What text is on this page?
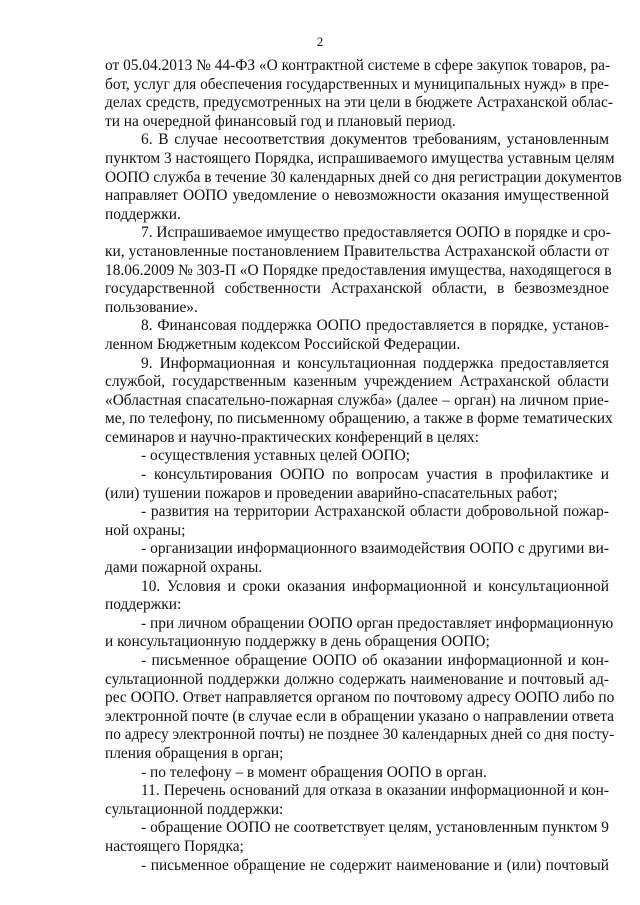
2
от 05.04.2013 № 44-ФЗ «О контрактной системе в сфере закупок товаров, ра-
бот, услуг для обеспечения государственных и муниципальных нужд» в пре-
делах средств, предусмотренных на эти цели в бюджете Астраханской облас-
ти на очередной финансовый год и плановый период.
6. В случае несоответствия документов требованиям, установленным
пунктом 3 настоящего Порядка, испрашиваемого имущества уставным целям
ООПО служба в течение 30 календарных дней со дня регистрации документов
направляет ООПО уведомление о невозможности оказания имущественной
поддержки.
7. Испрашиваемое имущество предоставляется ООПО в порядке и сро-
ки, установленные постановлением Правительства Астраханской области от
18.06.2009 № 303-П «О Порядке предоставления имущества, находящегося в
государственной собственности Астраханской области, в безвозмездное
пользование».
8. Финансовая поддержка ООПО предоставляется в порядке, установ-
ленном Бюджетным кодексом Российской Федерации.
9. Информационная и консультационная поддержка предоставляется
службой, государственным казенным учреждением Астраханской области
«Областная спасательно-пожарная служба» (далее – орган) на личном прие-
ме, по телефону, по письменному обращению, а также в форме тематических
семинаров и научно-практических конференций в целях:
- осуществления уставных целей ООПО;
- консультирования ООПО по вопросам участия в профилактике и
(или) тушении пожаров и проведении аварийно-спасательных работ;
- развития на территории Астраханской области добровольной пожар-
ной охраны;
- организации информационного взаимодействия ООПО с другими ви-
дами пожарной охраны.
10. Условия и сроки оказания информационной и консультационной
поддержки:
- при личном обращении ООПО орган предоставляет информационную
и консультационную поддержку в день обращения ООПО;
- письменное обращение ООПО об оказании информационной и кон-
сультационной поддержки должно содержать наименование и почтовый ад-
рес ООПО. Ответ направляется органом по почтовому адресу ООПО либо по
электронной почте (в случае если в обращении указано о направлении ответа
по адресу электронной почты) не позднее 30 календарных дней со дня посту-
пления обращения в орган;
- по телефону – в момент обращения ООПО в орган.
11. Перечень оснований для отказа в оказании информационной и кон-
сультационной поддержки:
- обращение ООПО не соответствует целям, установленным пунктом 9
настоящего Порядка;
- письменное обращение не содержит наименование и (или) почтовый
